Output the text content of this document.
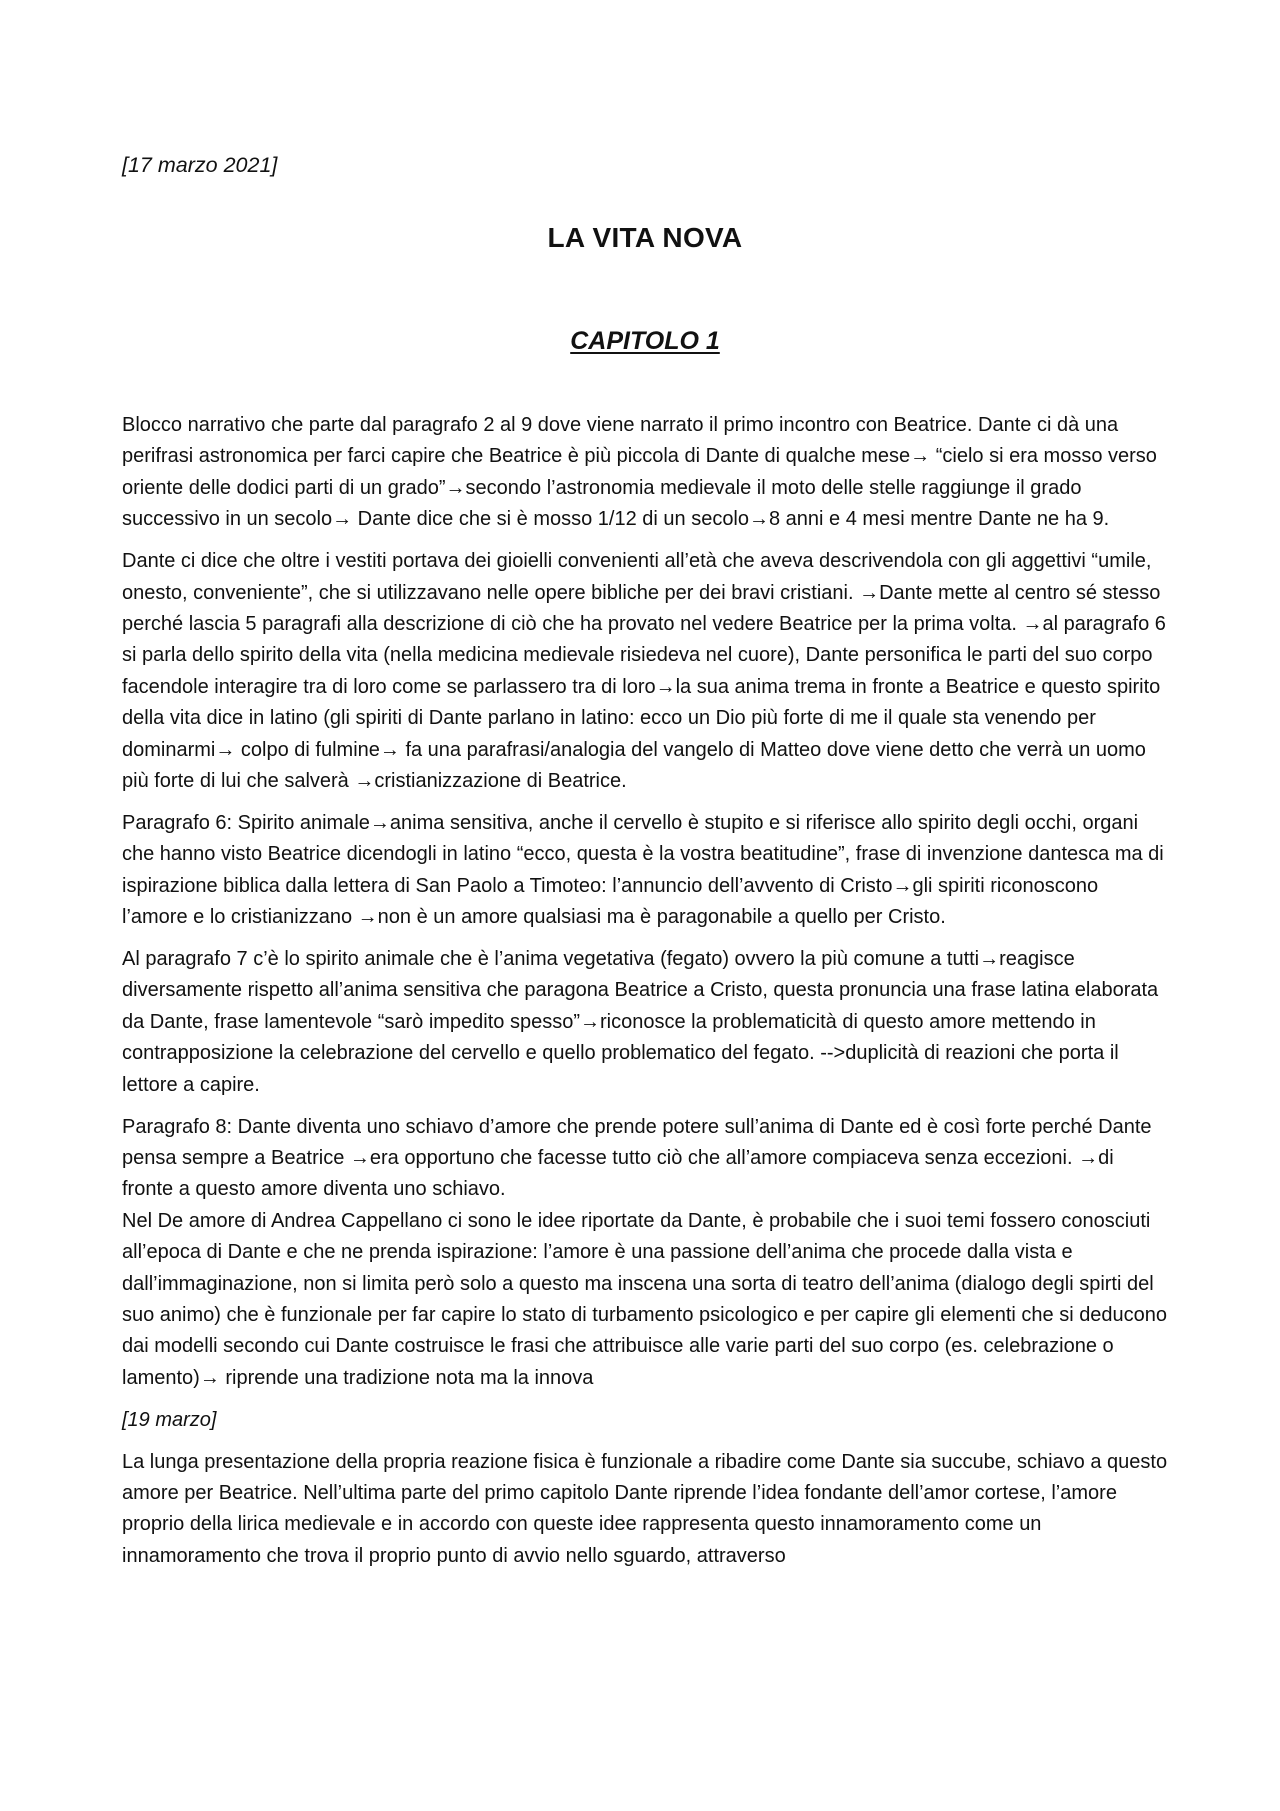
[17 marzo 2021]

LA VITA NOVA
CAPITOLO 1

Blocco narrativo che parte dal paragrafo 2 al 9 dove viene narrato il primo incontro con Beatrice. Dante ci dà una perifrasi astronomica per farci capire che Beatrice è più piccola di Dante di qualche mese→ “cielo si era mosso verso oriente delle dodici parti di un grado”→secondo l’astronomia medievale il moto delle stelle raggiunge il grado successivo in un secolo→ Dante dice che si è mosso 1/12 di un secolo→8 anni e 4 mesi mentre Dante ne ha 9.

Dante ci dice che oltre i vestiti portava dei gioielli convenienti all’età che aveva descrivendola con gli aggettivi “umile, onesto, conveniente”, che si utilizzavano nelle opere bibliche per dei bravi cristiani. →Dante mette al centro sé stesso perché lascia 5 paragrafi alla descrizione di ciò che ha provato nel vedere Beatrice per la prima volta. →al paragrafo 6 si parla dello spirito della vita (nella medicina medievale risiedeva nel cuore), Dante personifica le parti del suo corpo facendole interagire tra di loro come se parlassero tra di loro→la sua anima trema in fronte a Beatrice e questo spirito della vita dice in latino (gli spiriti di Dante parlano in latino: ecco un Dio più forte di me il quale sta venendo per dominarmi→ colpo di fulmine→ fa una parafrasi/analogia del vangelo di Matteo dove viene detto che verrà un uomo più forte di lui che salverà →cristianizzazione di Beatrice.

Paragrafo 6: Spirito animale→anima sensitiva, anche il cervello è stupito e si riferisce allo spirito degli occhi, organi che hanno visto Beatrice dicendogli in latino “ecco, questa è la vostra beatitudine”, frase di invenzione dantesca ma di ispirazione biblica dalla lettera di San Paolo a Timoteo: l’annuncio dell’avvento di Cristo→gli spiriti riconoscono l’amore e lo cristianizzano →non è un amore qualsiasi ma è paragonabile a quello per Cristo.

Al paragrafo 7 c’è lo spirito animale che è l’anima vegetativa (fegato) ovvero la più comune a tutti→reagisce diversamente rispetto all’anima sensitiva che paragona Beatrice a Cristo, questa pronuncia una frase latina elaborata da Dante, frase lamentevole “sarò impedito spesso”→riconosce la problematicità di questo amore mettendo in contrapposizione la celebrazione del cervello e quello problematico del fegato. -->duplicità di reazioni che porta il lettore a capire.

Paragrafo 8: Dante diventa uno schiavo d’amore che prende potere sull’anima di Dante ed è così forte perché Dante pensa sempre a Beatrice →era opportuno che facesse tutto ciò che all’amore compiaceva senza eccezioni. →di fronte a questo amore diventa uno schiavo.

Nel De amore di Andrea Cappellano ci sono le idee riportate da Dante, è probabile che i suoi temi fossero conosciuti all’epoca di Dante e che ne prenda ispirazione: l’amore è una passione dell’anima che procede dalla vista e dall’immaginazione, non si limita però solo a questo ma inscena una sorta di teatro dell’anima (dialogo degli spirti del suo animo) che è funzionale per far capire lo stato di turbamento psicologico e per capire gli elementi che si deducono dai modelli secondo cui Dante costruisce le frasi che attribuisce alle varie parti del suo corpo (es. celebrazione o lamento)→ riprende una tradizione nota ma la innova

[19 marzo]

La lunga presentazione della propria reazione fisica è funzionale a ribadire come Dante sia succube, schiavo a questo amore per Beatrice. Nell’ultima parte del primo capitolo Dante riprende l’idea fondante dell’amor cortese, l’amore proprio della lirica medievale e in accordo con queste idee rappresenta questo innamoramento come un innamoramento che trova il proprio punto di avvio nello sguardo, attraverso
